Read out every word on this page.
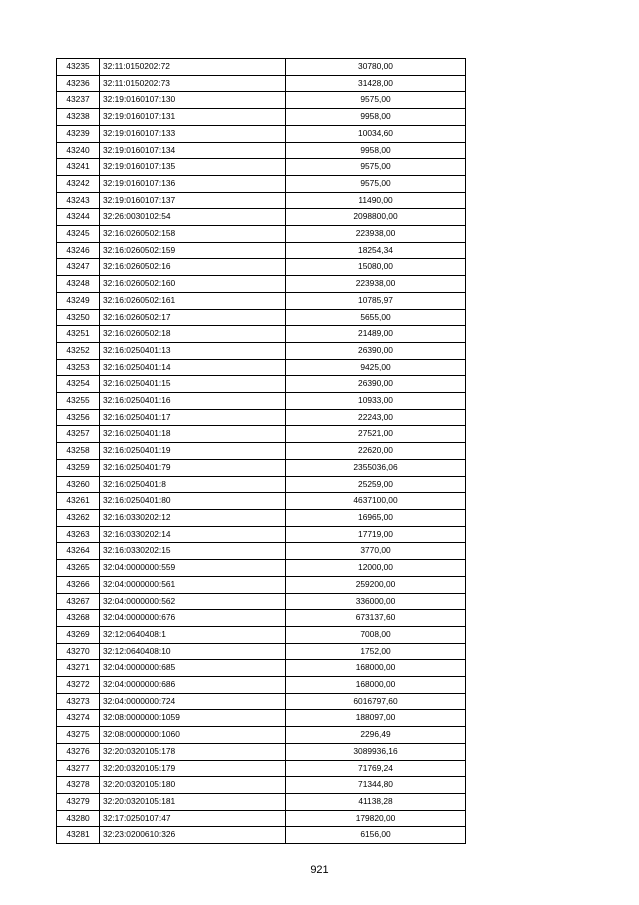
43235	32:11:0150202:72	30780,00
43236	32:11:0150202:73	31428,00
43237	32:19:0160107:130	9575,00
43238	32:19:0160107:131	9958,00
43239	32:19:0160107:133	10034,60
43240	32:19:0160107:134	9958,00
43241	32:19:0160107:135	9575,00
43242	32:19:0160107:136	9575,00
43243	32:19:0160107:137	11490,00
43244	32:26:0030102:54	2098800,00
43245	32:16:0260502:158	223938,00
43246	32:16:0260502:159	18254,34
43247	32:16:0260502:16	15080,00
43248	32:16:0260502:160	223938,00
43249	32:16:0260502:161	10785,97
43250	32:16:0260502:17	5655,00
43251	32:16:0260502:18	21489,00
43252	32:16:0250401:13	26390,00
43253	32:16:0250401:14	9425,00
43254	32:16:0250401:15	26390,00
43255	32:16:0250401:16	10933,00
43256	32:16:0250401:17	22243,00
43257	32:16:0250401:18	27521,00
43258	32:16:0250401:19	22620,00
43259	32:16:0250401:79	2355036,06
43260	32:16:0250401:8	25259,00
43261	32:16:0250401:80	4637100,00
43262	32:16:0330202:12	16965,00
43263	32:16:0330202:14	17719,00
43264	32:16:0330202:15	3770,00
43265	32:04:0000000:559	12000,00
43266	32:04:0000000:561	259200,00
43267	32:04:0000000:562	336000,00
43268	32:04:0000000:676	673137,60
43269	32:12:0640408:1	7008,00
43270	32:12:0640408:10	1752,00
43271	32:04:0000000:685	168000,00
43272	32:04:0000000:686	168000,00
43273	32:04:0000000:724	6016797,60
43274	32:08:0000000:1059	188097,00
43275	32:08:0000000:1060	2296,49
43276	32:20:0320105:178	3089936,16
43277	32:20:0320105:179	71769,24
43278	32:20:0320105:180	71344,80
43279	32:20:0320105:181	41138,28
43280	32:17:0250107:47	179820,00
43281	32:23:0200610:326	6156,00
921
